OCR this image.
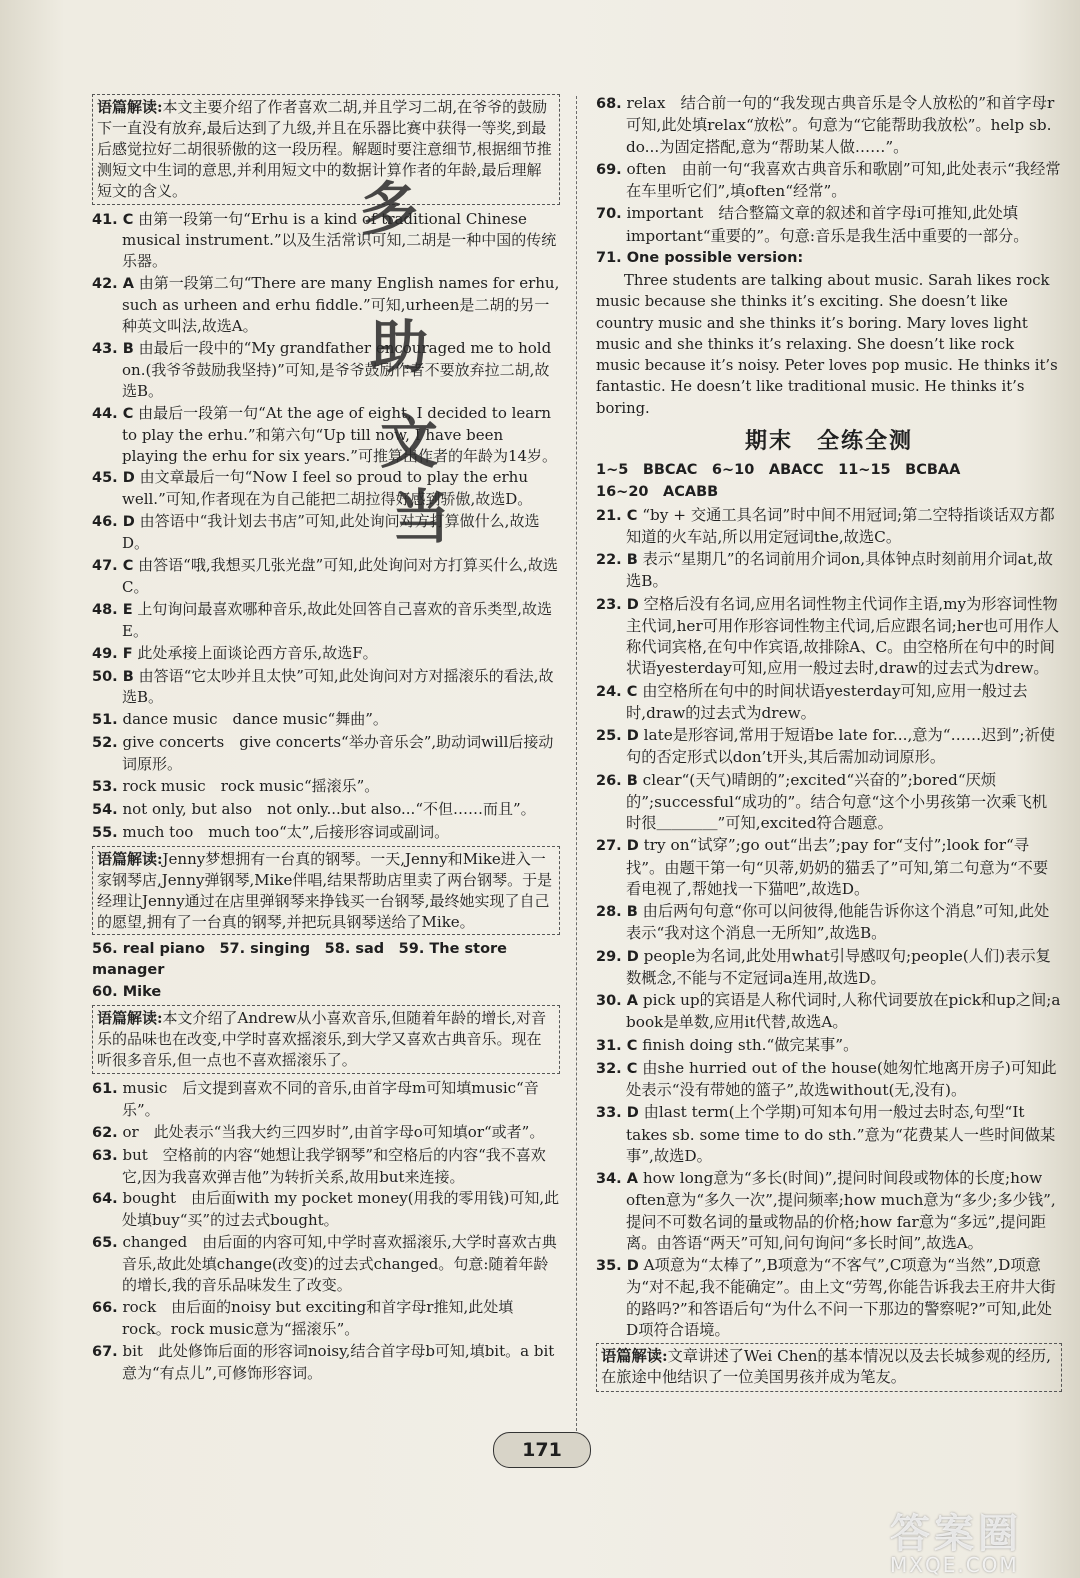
语篇解读:本文主要介绍了作者喜欢二胡,并且学习二胡,在爷爷的鼓励下一直没有放弃,最后达到了九级,并且在乐器比赛中获得一等奖,到最后感觉拉好二胡很骄傲的这一段历程。解题时要注意细节,根据细节推测短文中生词的意思,并利用短文中的数据计算作者的年龄,最后理解短文的含义。
41. C 由第一段第一句“Erhu is a kind of traditional Chinese musical instrument.”以及生活常识可知,二胡是一种中国的传统乐器。
42. A 由第一段第二句“There are many English names for erhu, such as urheen and erhu fiddle.”可知,urheen是二胡的另一种英文叫法,故选A。
43. B 由最后一段中的“My grandfather encouraged me to hold on.(我爷爷鼓励我坚持)”可知,是爷爷鼓励作者不要放弃拉二胡,故选B。
44. C 由最后一段第一句“At the age of eight, I decided to learn to play the erhu.”和第六句“Up till now, I have been playing the erhu for six years.”可推算出作者的年龄为14岁。
45. D 由文章最后一句“Now I feel so proud to play the erhu well.”可知,作者现在为自己能把二胡拉得好感到骄傲,故选D。
46. D 由答语中“我计划去书店”可知,此处询问对方打算做什么,故选D。
47. C 由答语“哦,我想买几张光盘”可知,此处询问对方打算买什么,故选C。
48. E 上句询问最喜欢哪种音乐,故此处回答自己喜欢的音乐类型,故选E。
49. F 此处承接上面谈论西方音乐,故选F。
50. B 由答语“它太吵并且太快”可知,此处询问对方对摇滚乐的看法,故选B。
51. dance music　dance music“舞曲”。
52. give concerts　give concerts“举办音乐会”,助动词will后接动词原形。
53. rock music　rock music“摇滚乐”。
54. not only, but also　not only...but also...“不但……而且”。
55. much too　much too“太”,后接形容词或副词。
语篇解读:Jenny梦想拥有一台真的钢琴。一天,Jenny和Mike进入一家钢琴店,Jenny弹钢琴,Mike伴唱,结果帮助店里卖了两台钢琴。于是经理让Jenny通过在店里弹钢琴来挣钱买一台钢琴,最终她实现了自己的愿望,拥有了一台真的钢琴,并把玩具钢琴送给了Mike。
56. real piano　57. singing　58. sad　59. The store manager
60. Mike
语篇解读:本文介绍了Andrew从小喜欢音乐,但随着年龄的增长,对音乐的品味也在改变,中学时喜欢摇滚乐,到大学又喜欢古典音乐。现在听很多音乐,但一点也不喜欢摇滚乐了。
61. music　后文提到喜欢不同的音乐,由首字母m可知填music“音乐”。
62. or　此处表示“当我大约三四岁时”,由首字母o可知填or“或者”。
63. but　空格前的内容“她想让我学钢琴”和空格后的内容“我不喜欢它,因为我喜欢弹吉他”为转折关系,故用but来连接。
64. bought　由后面with my pocket money(用我的零用钱)可知,此处填buy“买”的过去式bought。
65. changed　由后面的内容可知,中学时喜欢摇滚乐,大学时喜欢古典音乐,故此处填change(改变)的过去式changed。句意:随着年龄的增长,我的音乐品味发生了改变。
66. rock　由后面的noisy but exciting和首字母r推知,此处填rock。rock music意为“摇滚乐”。
67. bit　此处修饰后面的形容词noisy,结合首字母b可知,填bit。a bit意为“有点儿”,可修饰形容词。
68. relax　结合前一句的“我发现古典音乐是令人放松的”和首字母r可知,此处填relax“放松”。句意为“它能帮助我放松”。help sb. do...为固定搭配,意为“帮助某人做……”。
69. often　由前一句“我喜欢古典音乐和歌剧”可知,此处表示“我经常在车里听它们”,填often“经常”。
70. important　结合整篇文章的叙述和首字母i可推知,此处填important“重要的”。句意:音乐是我生活中重要的一部分。
71. One possible version:

Three students are talking about music. Sarah likes rock music because she thinks it’s exciting. She doesn’t like country music and she thinks it’s boring. Mary loves light music and she thinks it’s relaxing. She doesn’t like rock music because it’s noisy. Peter loves pop music. He thinks it’s fantastic. He doesn’t like traditional music. He thinks it’s boring.

期末　全练全测
1~5　BBCAC　6~10　ABACC　11~15　BCBAA
16~20　ACABB
21. C “by + 交通工具名词”时中间不用冠词;第二空特指谈话双方都知道的火车站,所以用定冠词the,故选C。
22. B 表示“星期几”的名词前用介词on,具体钟点时刻前用介词at,故选B。
23. D 空格后没有名词,应用名词性物主代词作主语,my为形容词性物主代词,her可用作形容词性物主代词,后应跟名词;her也可用作人称代词宾格,在句中作宾语,故排除A、C。由空格所在句中的时间状语yesterday可知,应用一般过去时,draw的过去式为drew。
24. C 由空格所在句中的时间状语yesterday可知,应用一般过去时,draw的过去式为drew。
25. D late是形容词,常用于短语be late for...,意为“……迟到”;祈使句的否定形式以don’t开头,其后需加动词原形。
26. B clear“(天气)晴朗的”;excited“兴奋的”;bored“厌烦的”;successful“成功的”。结合句意“这个小男孩第一次乘飞机时很＿＿＿＿”可知,excited符合题意。
27. D try on“试穿”;go out“出去”;pay for“支付”;look for“寻找”。由题干第一句“贝蒂,奶奶的猫丢了”可知,第二句意为“不要看电视了,帮她找一下猫吧”,故选D。
28. B 由后两句句意“你可以问彼得,他能告诉你这个消息”可知,此处表示“我对这个消息一无所知”,故选B。
29. D people为名词,此处用what引导感叹句;people(人们)表示复数概念,不能与不定冠词a连用,故选D。
30. A pick up的宾语是人称代词时,人称代词要放在pick和up之间;a book是单数,应用it代替,故选A。
31. C finish doing sth.“做完某事”。
32. C 由she hurried out of the house(她匆忙地离开房子)可知此处表示“没有带她的篮子”,故选without(无,没有)。
33. D 由last term(上个学期)可知本句用一般过去时态,句型“It takes sb. some time to do sth.”意为“花费某人一些时间做某事”,故选D。
34. A how long意为“多长(时间)”,提问时间段或物体的长度;how often意为“多久一次”,提问频率;how much意为“多少;多少钱”,提问不可数名词的量或物品的价格;how far意为“多远”,提问距离。由答语“两天”可知,问句询问“多长时间”,故选A。
35. D A项意为“太棒了”,B项意为“不客气”,C项意为“当然”,D项意为“对不起,我不能确定”。由上文“劳驾,你能告诉我去王府井大街的路吗?”和答语后句“为什么不问一下那边的警察呢?”可知,此处D项符合语境。
语篇解读:文章讲述了Wei Chen的基本情况以及去长城参观的经历,在旅途中他结识了一位美国男孩并成为笔友。
多
助
文
当
171
答案圈
MXQE.COM
